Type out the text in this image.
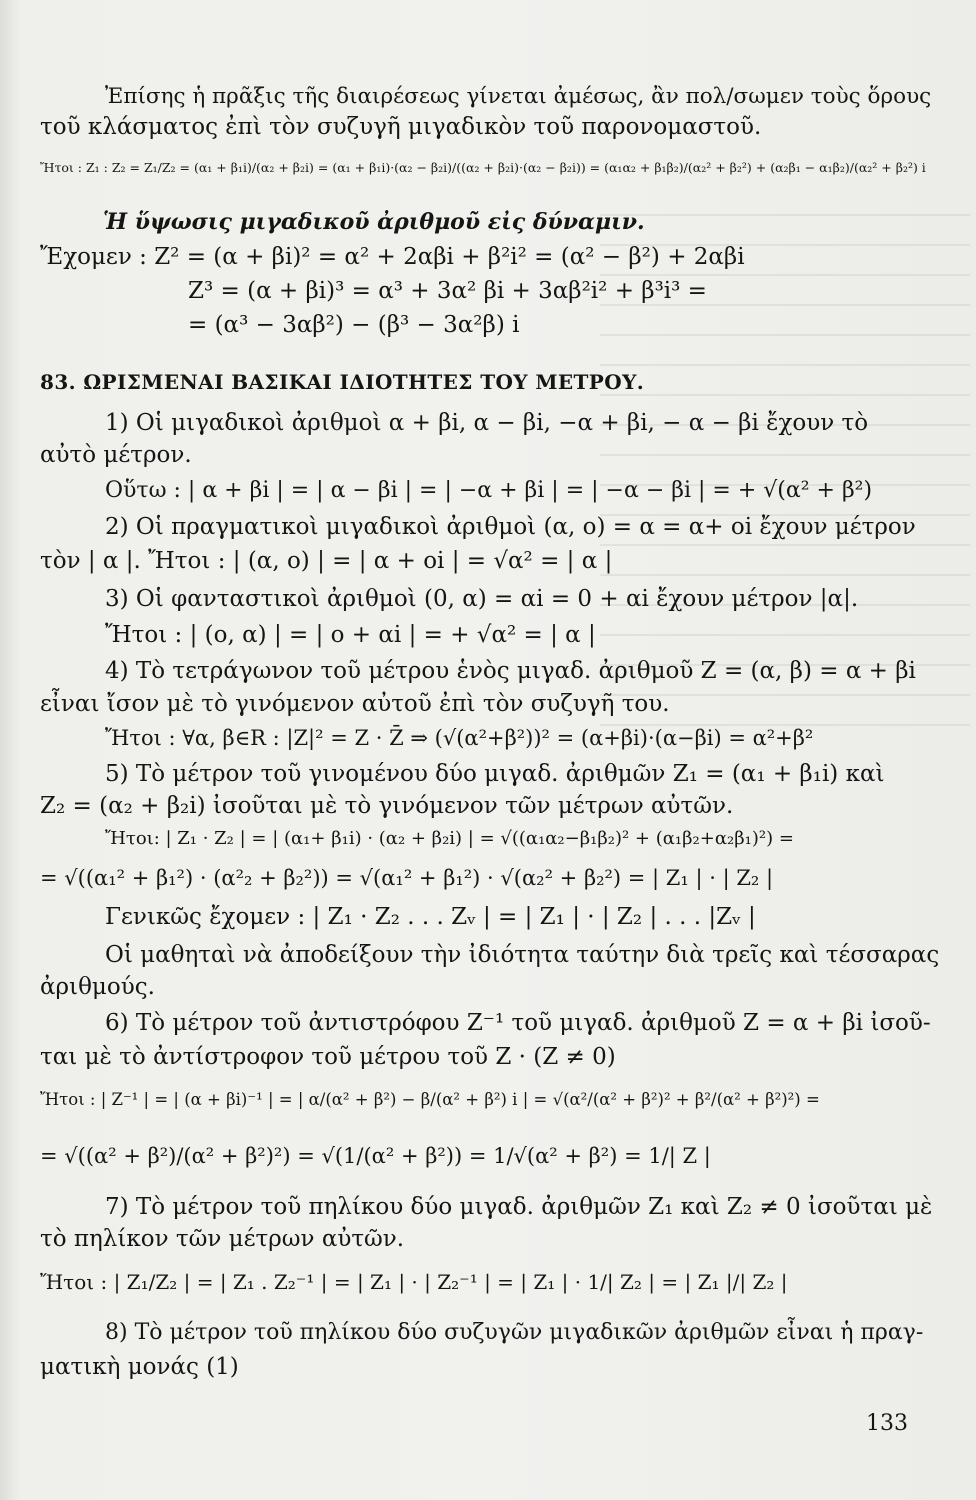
Ἐπίσης ἡ πρᾶξις τῆς διαιρέσεως γίνεται ἀμέσως, ἂν πολ/σωμεν τοὺς ὅρους
τοῦ κλάσματος ἐπὶ τὸν συζυγῆ μιγαδικὸν τοῦ παρονομαστοῦ.
Ἤτοι : Z₁ : Z₂ = Z₁/Z₂ = (α₁ + β₁i)/(α₂ + β₂i) = (α₁ + β₁i)·(α₂ − β₂i)/((α₂ + β₂i)·(α₂ − β₂i)) = (α₁α₂ + β₁β₂)/(α₂² + β₂²) + (α₂β₁ − α₁β₂)/(α₂² + β₂²) i
Ἡ ὕψωσις μιγαδικοῦ ἀριθμοῦ εἰς δύναμιν.
Ἔχομεν : Z² = (α + βi)² = α² + 2αβi + β²i² = (α² − β²) + 2αβi
Z³ = (α + βi)³ = α³ + 3α² βi + 3αβ²i² + β³i³ =
= (α³ − 3αβ²) − (β³ − 3α²β) i
83. ΩΡΙΣΜΕΝΑΙ ΒΑΣΙΚΑΙ ΙΔΙΟΤΗΤΕΣ ΤΟΥ ΜΕΤΡΟΥ.
1) Οἱ μιγαδικοὶ ἀριθμοὶ α + βi, α − βi, −α + βi, − α − βi ἔχουν τὸ
αὐτὸ μέτρον.
Οὕτω : | α + βi | = | α − βi | = | −α + βi | = | −α − βi | = + √(α² + β²)
2) Οἱ πραγματικοὶ μιγαδικοὶ ἀριθμοὶ (α, ο) = α = α+ οi ἔχουν μέτρον
τὸν | α |. Ἤτοι : | (α, ο) | = | α + οi | = √α² = | α |
3) Οἱ φανταστικοὶ ἀριθμοὶ (0, α) = αi = 0 + αi ἔχουν μέτρον |α|.
Ἤτοι : | (ο, α) | = | ο + αi | = + √α² = | α |
4) Τὸ τετράγωνον τοῦ μέτρου ἑνὸς μιγαδ. ἀριθμοῦ Z = (α, β) = α + βi
εἶναι ἴσον μὲ τὸ γινόμενον αὐτοῦ ἐπὶ τὸν συζυγῆ του.
Ἤτοι : ∀α, β∈R : |Z|² = Z · Z̄ ⇒ (√(α²+β²))² = (α+βi)·(α−βi) = α²+β²
5) Τὸ μέτρον τοῦ γινομένου δύο μιγαδ. ἀριθμῶν Z₁ = (α₁ + β₁i) καὶ
Z₂ = (α₂ + β₂i) ἰσοῦται μὲ τὸ γινόμενον τῶν μέτρων αὐτῶν.
Ἤτοι: | Z₁ · Z₂ | = | (α₁+ β₁i) · (α₂ + β₂i) | = √((α₁α₂−β₁β₂)² + (α₁β₂+α₂β₁)²) =
= √((α₁² + β₁²) · (α²₂ + β₂²)) = √(α₁² + β₁²) · √(α₂² + β₂²) = | Z₁ | · | Z₂ |
Γενικῶς ἔχομεν : | Z₁ · Z₂ . . . Zᵥ | = | Z₁ | · | Z₂ | . . . |Zᵥ |
Οἱ μαθηταὶ νὰ ἀποδείξουν τὴν ἰδιότητα ταύτην διὰ τρεῖς καὶ τέσσαρας
ἀριθμούς.
6) Τὸ μέτρον τοῦ ἀντιστρόφου Z⁻¹ τοῦ μιγαδ. ἀριθμοῦ Z = α + βi ἰσοῦ-
ται μὲ τὸ ἀντίστροφον τοῦ μέτρου τοῦ Z · (Z ≠ 0)
Ἤτοι : | Z⁻¹ | = | (α + βi)⁻¹ | = | α/(α² + β²) − β/(α² + β²) i | = √(α²/(α² + β²)² + β²/(α² + β²)²) =
= √((α² + β²)/(α² + β²)²) = √(1/(α² + β²)) = 1/√(α² + β²) = 1/| Z |
7) Τὸ μέτρον τοῦ πηλίκου δύο μιγαδ. ἀριθμῶν Z₁ καὶ Z₂ ≠ 0 ἰσοῦται μὲ
τὸ πηλίκον τῶν μέτρων αὐτῶν.
Ἤτοι : | Z₁/Z₂ | = | Z₁ . Z₂⁻¹ | = | Z₁ | · | Z₂⁻¹ | = | Z₁ | · 1/| Z₂ | = | Z₁ |/| Z₂ |
8) Τὸ μέτρον τοῦ πηλίκου δύο συζυγῶν μιγαδικῶν ἀριθμῶν εἶναι ἡ πραγ-
ματικὴ μονάς (1)
133
